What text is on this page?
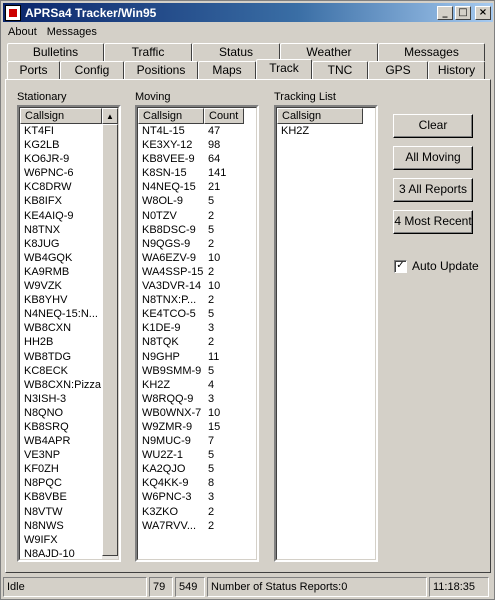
APRSa4 Tracker/Win95	_	□	×
About Messages
Bulletins	Traffic	Status	Weather	Messages
Ports	Config	Positions	Maps	Track	TNC	GPS	History
Stationary
Callsign
KT4FI
KG2LB
KO6JR-9
W6PNC-6
KC8DRW
KB8IFX
KE4AIQ-9
N8TNX
K8JUG
WB4GQK
KA9RMB
W9VZK
KB8YHV
N4NEQ-15:N...
WB8CXN
HH2B
WB8TDG
KC8ECK
WB8CXN:Pizza
N3ISH-3
N8QNO
KB8SRQ
WB4APR
VE3NP
KF0ZH
N8PQC
KB8VBE
N8VTW
N8NWS
W9IFX
N8AJD-10
▲
Moving
Callsign	Count
NT4L-15	47
KE3XY-12	98
KB8VEE-9	64
K8SN-15	141
N4NEQ-15	21
W8OL-9	5
N0TZV	2
KB8DSC-9	5
N9QGS-9	2
WA6EZV-9	10
WA4SSP-15 2
VA3DVR-14 10
N8TNX:P...	2
KE4TCO-5	5
K1DE-9	3
N8TQK	2
N9GHP	11
WB9SMM-9 5
KH2Z	4
W8RQQ-9	3
WB0WNX-7 10
W9ZMR-9	15
N9MUC-9	7
WU2Z-1	5
KA2QJO	5
KQ4KK-9	8
W6PNC-3	3
K3ZKO	2
WA7RVV...	2
Tracking List
Callsign
KH2Z	Clear
All Moving
3 All Reports
4 Most Recent
✓ Auto Update
Idle	79	549	Number of Status Reports:0	11:18:35
